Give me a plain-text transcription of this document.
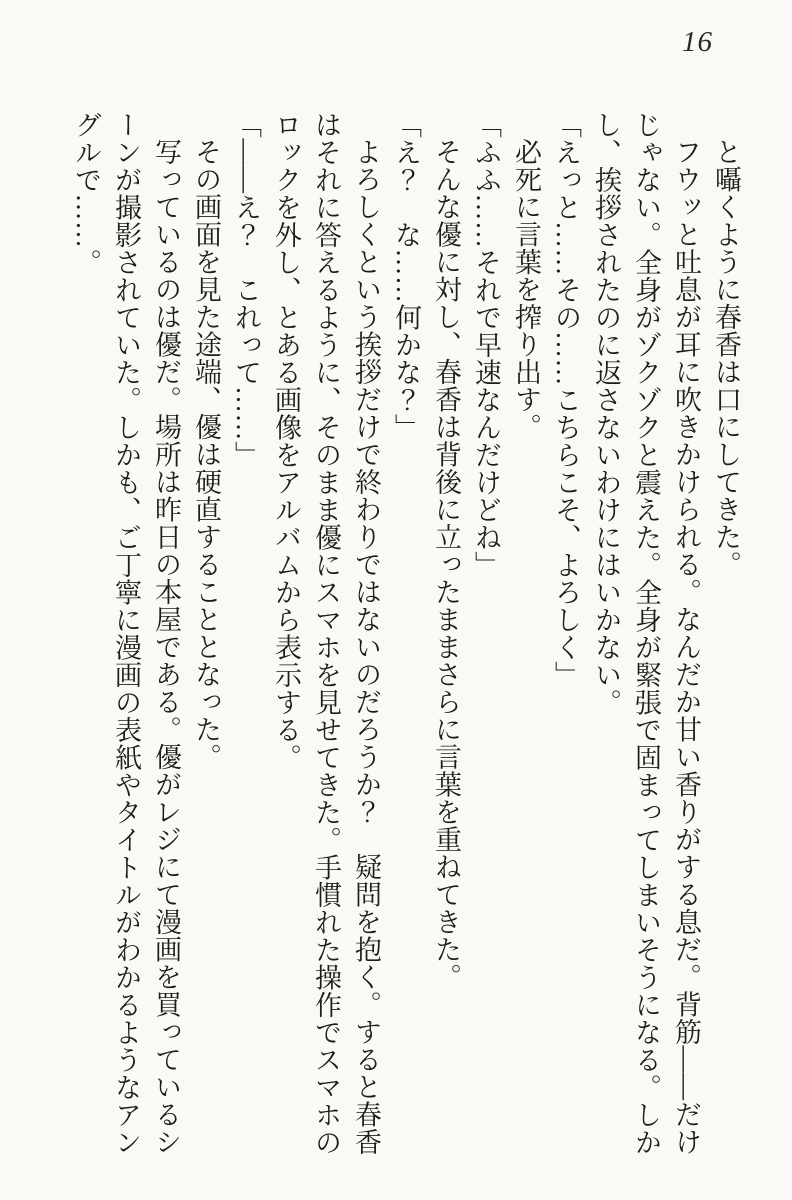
16

と囁くように春香は口にしてきた。

フウッと吐息が耳に吹きかけられる。なんだか甘い香りがする息だ。背筋――だけじゃない。全身がゾクゾクと震えた。全身が緊張で固まってしまいそうになる。しかし、挨拶されたのに返さないわけにはいかない。

「えっと……その……こちらこそ、よろしく」

必死に言葉を搾り出す。

「ふふ……それで早速なんだけどね」

そんな優に対し、春香は背後に立ったままさらに言葉を重ねてきた。

「え？　な……何かな？」

よろしくという挨拶だけで終わりではないのだろうか？　疑問を抱く。すると春香はそれに答えるように、そのまま優にスマホを見せてきた。手慣れた操作でスマホのロックを外し、とある画像をアルバムから表示する。

「――え？　これって……」

その画面を見た途端、優は硬直することとなった。

写っているのは優だ。場所は昨日の本屋である。優がレジにて漫画を買っているシーンが撮影されていた。しかも、ご丁寧に漫画の表紙やタイトルがわかるようなアングルで……。
